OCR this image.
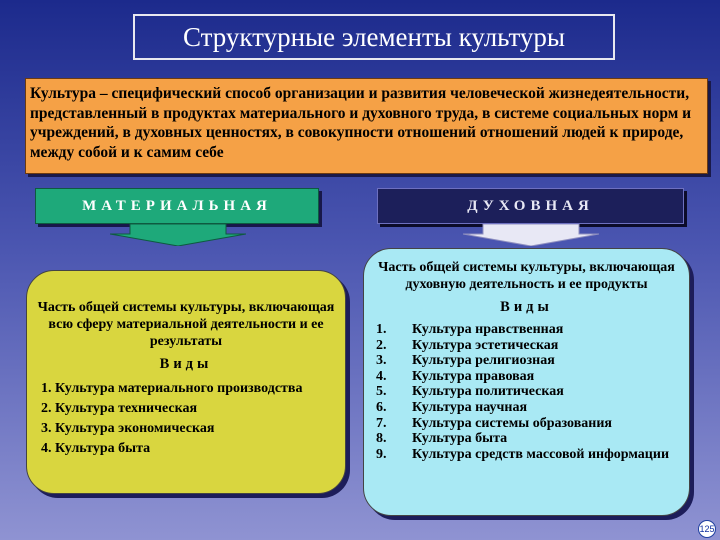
Структурные элементы культуры
Культура – специфический способ организации и развития человеческой жизнедеятельности, представленный в продуктах материального и духовного труда, в системе социальных норм и учреждений, в духовных ценностях, в совокупности отношений отношений людей к природе, между собой и к самим себе
МАТЕРИАЛЬНАЯ	ДУХОВНАЯ
Часть общей системы культуры, включающая всю сферу материальной деятельности и ее результаты
Виды
1. Культура материального производства
2. Культура техническая
3. Культура экономическая
4. Культура быта
Часть общей системы культуры, включающая духовную деятельность и ее продукты
Виды
1.	Культура нравственная
2.	Культура эстетическая
3.	Культура религиозная
4.	Культура правовая
5.	Культура политическая
6.	Культура научная
7.	Культура системы образования
8.	Культура быта
9.	Культура средств массовой информации
125
